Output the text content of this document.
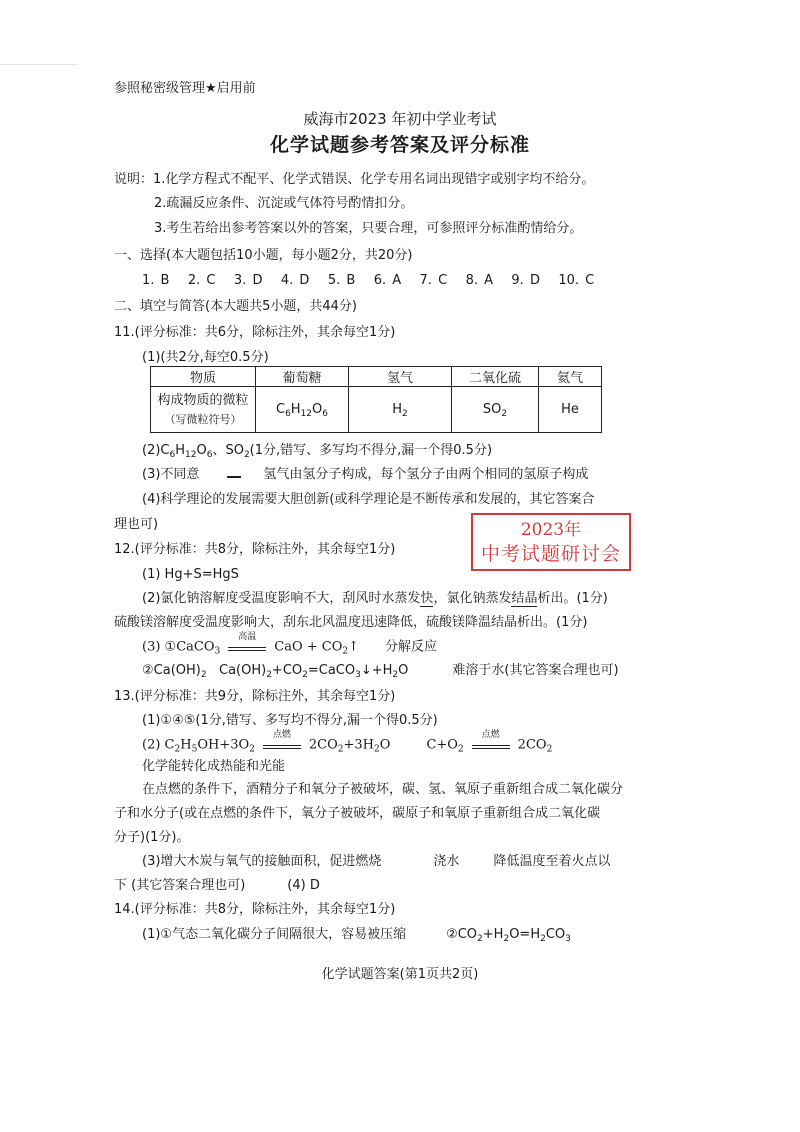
参照秘密级管理★启用前
威海市2023 年初中学业考试
化学试题参考答案及评分标准
说明：1.化学方程式不配平、化学式错误、化学专用名词出现错字或别字均不给分。
2.疏漏反应条件、沉淀或气体符号酌情扣分。
3.考生若给出参考答案以外的答案，只要合理，可参照评分标准酌情给分。
一、选择(本大题包括10小题，每小题2分，共20分)
1. B 2. C 3. D 4. D 5. B 6. A 7. C 8. A 9. D 10. C
二、填空与简答(本大题共5小题，共44分)
11.(评分标准：共6分，除标注外，其余每空1分)
(1)(共2分,每空0.5分)
物质	葡萄糖	氢气	二氧化硫	氦气

构成物质的微粒
（写微粒符号）	$C_6H_{12}O_6$	$H_2$	$SO_2$	He
$(2)C_6H_{12}O_6$、$SO_2(1$分,错写、多写均不得分,漏一个得0.5分)
(3)不同意	氢气由氢分子构成，每个氢分子由两个相同的氢原子构成
(4)科学理论的发展需要大胆创新(或科学理论是不断传承和发展的，其它答案合
理也可)	2023年
中考试题研讨会
12.(评分标准：共8分，除标注外，其余每空1分)
(1) Hg+S=HgS
(2)氯化钠溶解度受温度影响不大，刮风时水蒸发快，氯化钠蒸发结晶析出。(1分)
硫酸镁溶解度受温度影响大，刮东北风温度迅速降低，硫酸镁降温结晶析出。(1分)
(3) ①CaCO$_3$
高温
CaO + $CO_2↑$ 分解反应
$②Ca(OH)_2$   $Ca(OH)_2+CO_2=CaCO_3↓+H_2O$	难溶于水(其它答案合理也可)
13.(评分标准：共9分，除标注外，其余每空1分)
(1)①④⑤(1分,错写、多写均不得分,漏一个得0.5分)
(2) $C_2H_5OH+3O_2$
点燃
$2CO_2+3H_2O$	$C+O_2$
点燃
$2CO_2$
化学能转化成热能和光能
在点燃的条件下，酒精分子和氧分子被破坏，碳、氢、氧原子重新组合成二氧化碳分
子和水分子(或在点燃的条件下，氧分子被破坏，碳原子和氧原子重新组合成二氧化碳
分子)(1分)。
(3)增大木炭与氧气的接触面积，促进燃烧	浇水	降低温度至着火点以
下 (其它答案合理也可)	(4) D
14.(评分标准：共8分，除标注外，其余每空1分)
(1)①气态二氧化碳分子间隔很大，容易被压缩	$②CO_2+H_2O=H_2CO_3$
化学试题答案(第1页共2页)
